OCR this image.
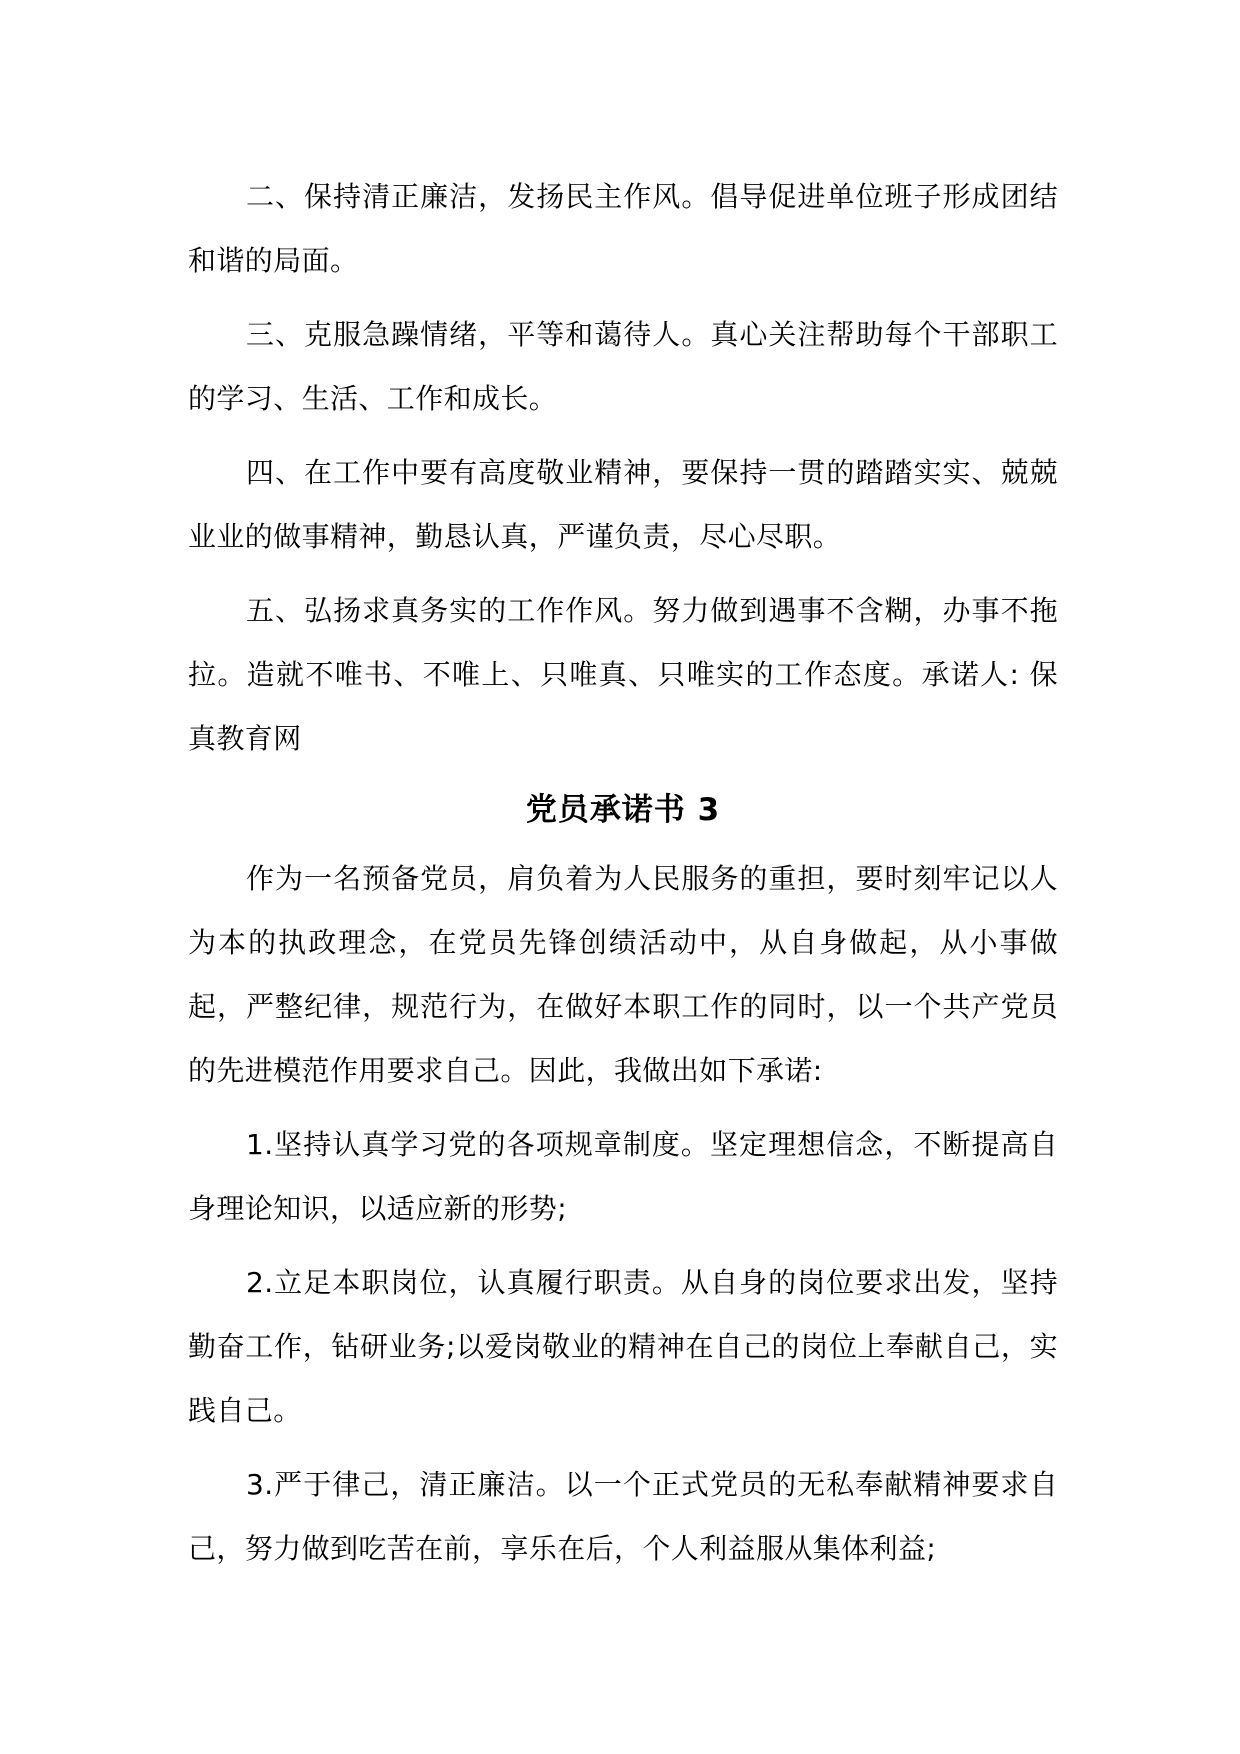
二、保持清正廉洁，发扬民主作风。倡导促进单位班子形成团结和谐的局面。

三、克服急躁情绪，平等和蔼待人。真心关注帮助每个干部职工的学习、生活、工作和成长。

四、在工作中要有高度敬业精神，要保持一贯的踏踏实实、兢兢业业的做事精神，勤恳认真，严谨负责，尽心尽职。

五、弘扬求真务实的工作作风。努力做到遇事不含糊，办事不拖拉。造就不唯书、不唯上、只唯真、只唯实的工作态度。承诺人: 保真教育网

党员承诺书 3

作为一名预备党员，肩负着为人民服务的重担，要时刻牢记以人为本的执政理念，在党员先锋创绩活动中，从自身做起，从小事做起，严整纪律，规范行为，在做好本职工作的同时，以一个共产党员的先进模范作用要求自己。因此，我做出如下承诺:

1.坚持认真学习党的各项规章制度。坚定理想信念，不断提高自身理论知识，以适应新的形势;

2.立足本职岗位，认真履行职责。从自身的岗位要求出发，坚持勤奋工作，钻研业务;以爱岗敬业的精神在自己的岗位上奉献自己，实践自己。

3.严于律己，清正廉洁。以一个正式党员的无私奉献精神要求自己，努力做到吃苦在前，享乐在后，个人利益服从集体利益;
